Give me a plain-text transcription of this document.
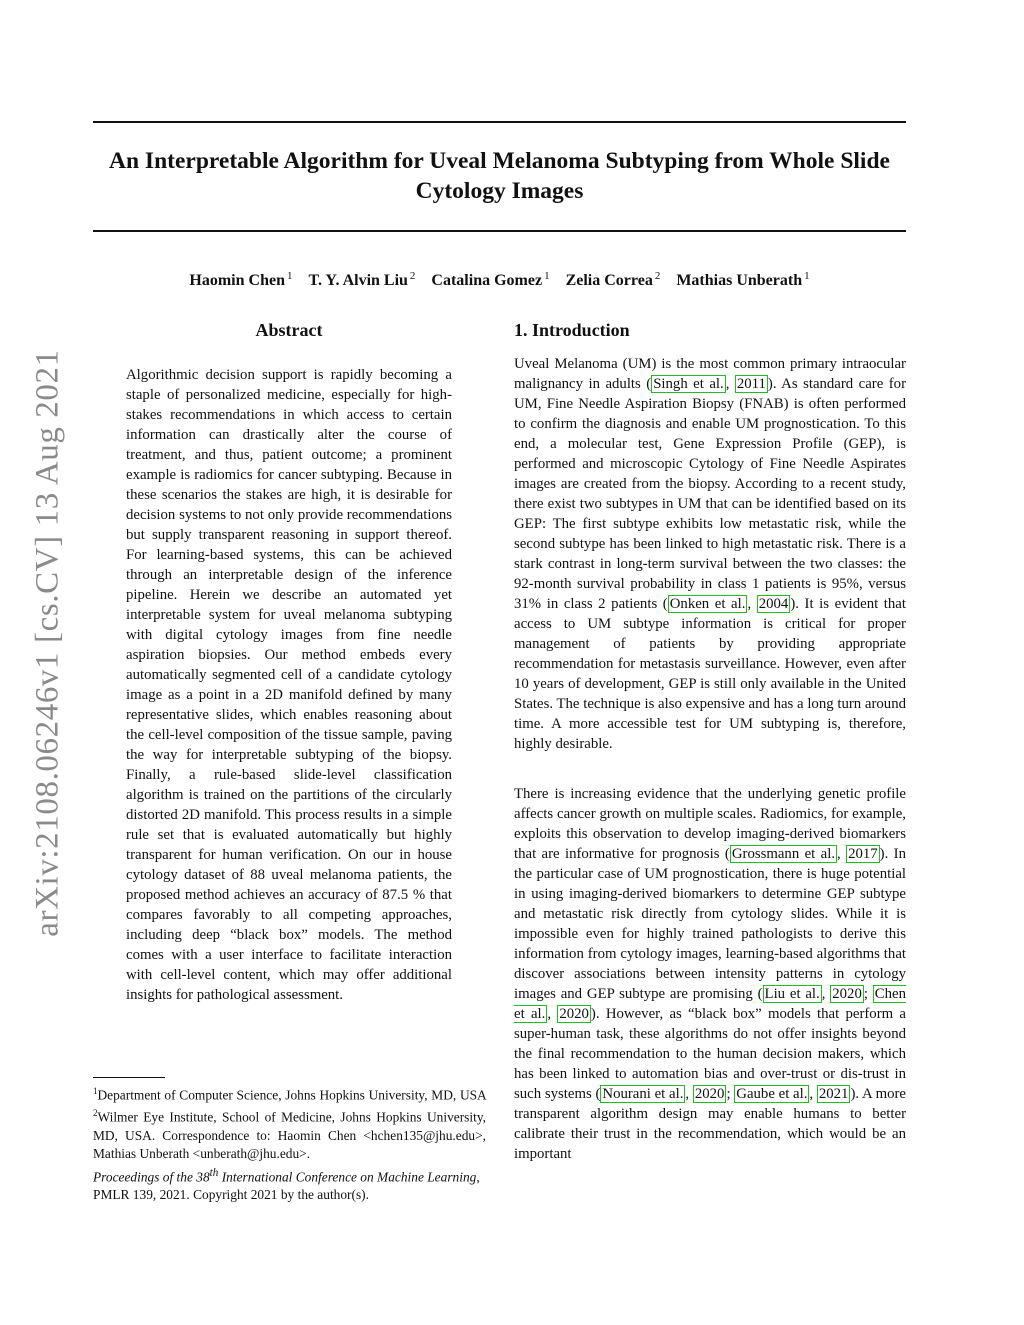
An Interpretable Algorithm for Uveal Melanoma Subtyping from Whole Slide Cytology Images
Haomin Chen $^1$ T. Y. Alvin Liu $^2$ Catalina Gomez $^1$ Zelia Correa $^2$ Mathias Unberath $^1$
arXiv:2108.06246v1 [cs.CV] 13 Aug 2021
Abstract

Algorithmic decision support is rapidly becoming a staple of personalized medicine, especially for high-stakes recommendations in which access to certain information can drastically alter the course of treatment, and thus, patient outcome; a prominent example is radiomics for cancer subtyping. Because in these scenarios the stakes are high, it is desirable for decision systems to not only provide recommendations but supply transparent reasoning in support thereof. For learning-based systems, this can be achieved through an interpretable design of the inference pipeline. Herein we describe an automated yet interpretable system for uveal melanoma subtyping with digital cytology images from fine needle aspiration biopsies. Our method embeds every automatically segmented cell of a candidate cytology image as a point in a 2D manifold defined by many representative slides, which enables reasoning about the cell-level composition of the tissue sample, paving the way for interpretable subtyping of the biopsy. Finally, a rule-based slide-level classification algorithm is trained on the partitions of the circularly distorted 2D manifold. This process results in a simple rule set that is evaluated automatically but highly transparent for human verification. On our in house cytology dataset of 88 uveal melanoma patients, the proposed method achieves an accuracy of 87.5 % that compares favorably to all competing approaches, including deep “black box” models. The method comes with a user interface to facilitate interaction with cell-level content, which may offer additional insights for pathological assessment.

$^1$Department of Computer Science, Johns Hopkins University, MD, USA $^2$Wilmer Eye Institute, School of Medicine, Johns Hopkins University, MD, USA. Correspondence to: Haomin Chen <hchen135@jhu.edu>, Mathias Unberath <unberath@jhu.edu>.

Proceedings of the 38th International Conference on Machine Learning, PMLR 139, 2021. Copyright 2021 by the author(s).

1. Introduction

Uveal Melanoma (UM) is the most common primary intraocular malignancy in adults ( Singh et al. , 2011 ). As standard care for UM, Fine Needle Aspiration Biopsy (FNAB) is often performed to confirm the diagnosis and enable UM prognostication. To this end, a molecular test, Gene Expression Profile (GEP), is performed and microscopic Cytology of Fine Needle Aspirates images are created from the biopsy. According to a recent study, there exist two subtypes in UM that can be identified based on its GEP: The first subtype exhibits low metastatic risk, while the second subtype has been linked to high metastatic risk. There is a stark contrast in long-term survival between the two classes: the 92-month survival probability in class 1 patients is 95%, versus 31% in class 2 patients ( Onken et al. , 2004 ). It is evident that access to UM subtype information is critical for proper management of patients by providing appropriate recommendation for metastasis surveillance. However, even after 10 years of development, GEP is still only available in the United States. The technique is also expensive and has a long turn around time. A more accessible test for UM subtyping is, therefore, highly desirable.

There is increasing evidence that the underlying genetic profile affects cancer growth on multiple scales. Radiomics, for example, exploits this observation to develop imaging-derived biomarkers that are informative for prognosis ( Grossmann et al. , 2017 ). In the particular case of UM prognostication, there is huge potential in using imaging-derived biomarkers to determine GEP subtype and metastatic risk directly from cytology slides. While it is impossible even for highly trained pathologists to derive this information from cytology images, learning-based algorithms that discover associations between intensity patterns in cytology images and GEP subtype are promising ( Liu et al. , 2020 ; Chen et al. , 2020 ). However, as “black box” models that perform a super-human task, these algorithms do not offer insights beyond the final recommendation to the human decision makers, which has been linked to automation bias and over-trust or dis-trust in such systems ( Nourani et al. , 2020 ; Gaube et al. , 2021 ). A more transparent algorithm design may enable humans to better calibrate their trust in the recommendation, which would be an important
